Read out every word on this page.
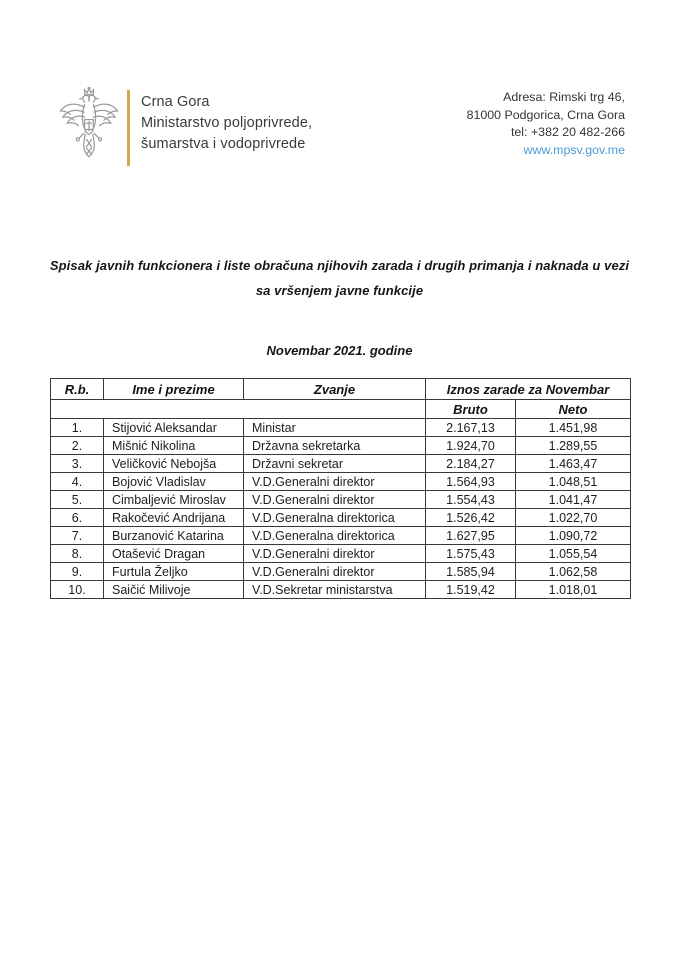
Crna Gora
Ministarstvo poljoprivrede,
šumarstva i vodoprivrede
Adresa: Rimski trg 46,
81000 Podgorica, Crna Gora
tel: +382 20 482-266
www.mpsv.gov.me
Spisak javnih funkcionera i liste obračuna njihovih zarada i drugih primanja i naknada u vezi
sa vršenjem javne funkcije
Novembar 2021. godine
R.b.	Ime i prezime	Zvanje	Iznos zarade za Novembar	
			Bruto	Neto
1.	Stijović Aleksandar	Ministar	2.167,13	1.451,98
2.	Mišnić Nikolina	Državna sekretarka	1.924,70	1.289,55
3.	Veličković Nebojša	Državni sekretar	2.184,27	1.463,47
4.	Bojović Vladislav	V.D.Generalni direktor	1.564,93	1.048,51
5.	Cimbaljević Miroslav	V.D.Generalni direktor	1.554,43	1.041,47
6.	Rakočević Andrijana	V.D.Generalna direktorica	1.526,42	1.022,70
7.	Burzanović Katarina	V.D.Generalna direktorica	1.627,95	1.090,72
8.	Otašević Dragan	V.D.Generalni direktor	1.575,43	1.055,54
9.	Furtula Željko	V.D.Generalni direktor	1.585,94	1.062,58
10.	Saičić Milivoje	V.D.Sekretar ministarstva	1.519,42	1.018,01
